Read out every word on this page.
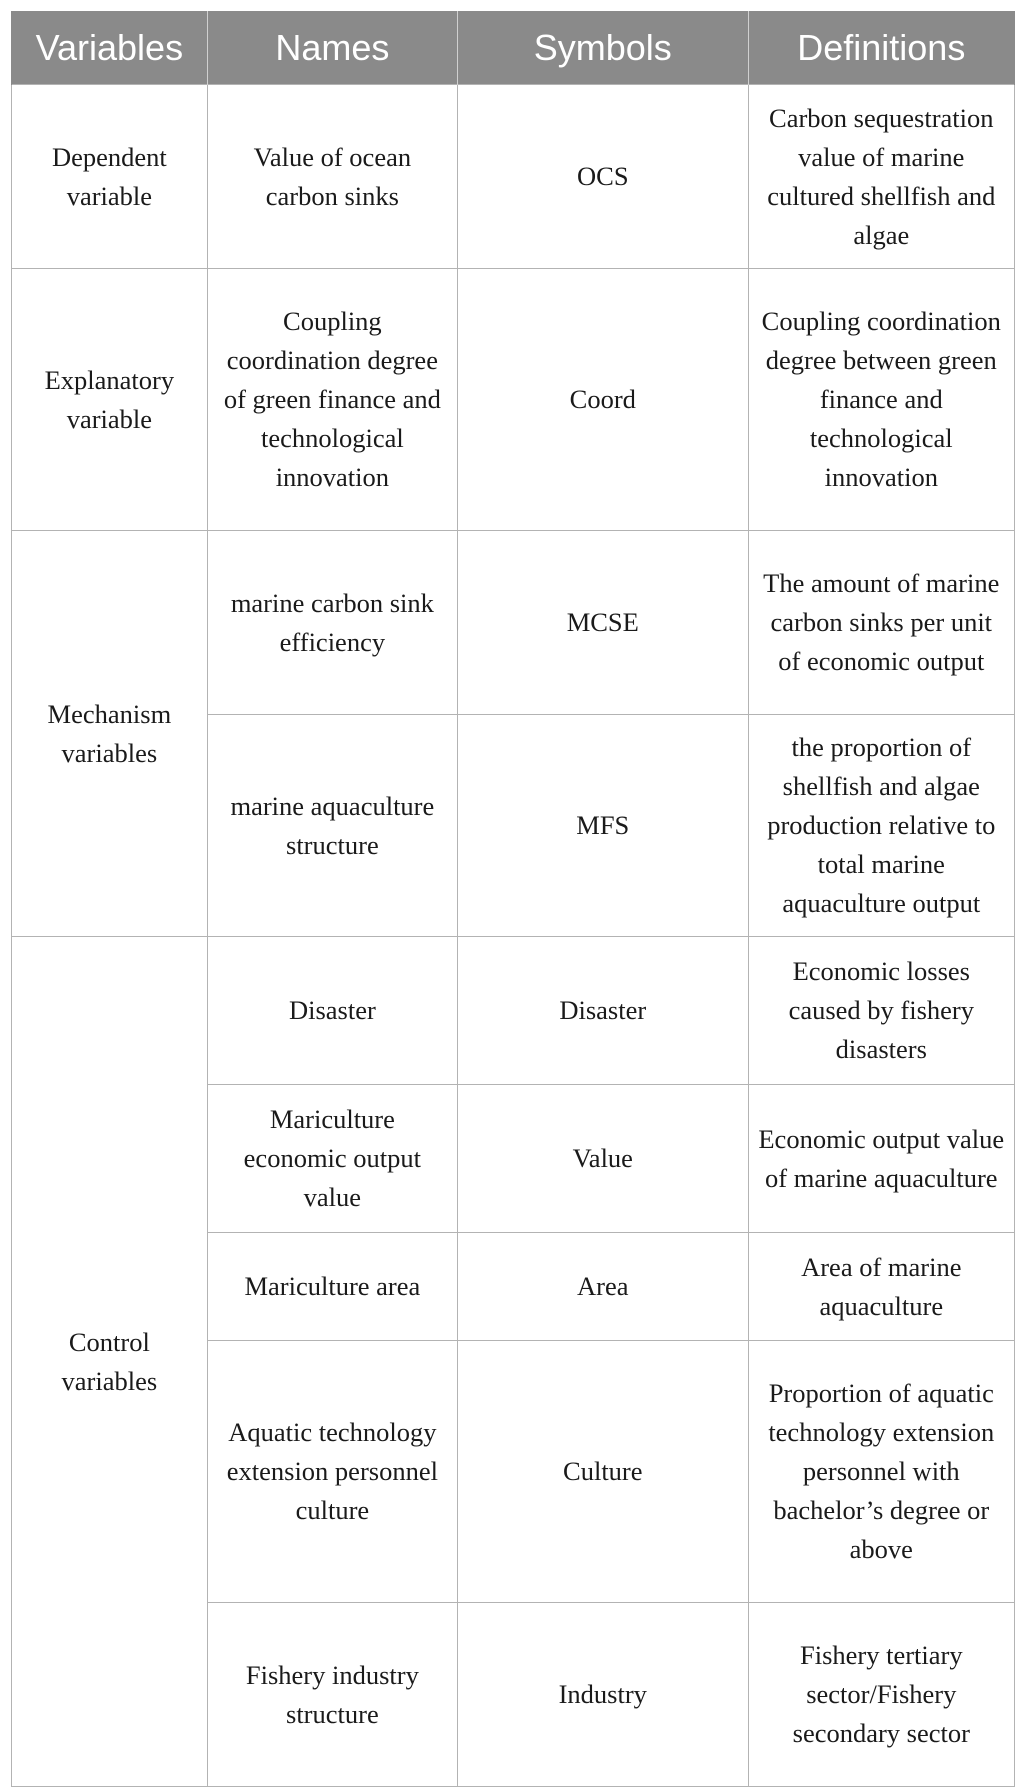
Variables	Names	Symbols	Definitions
Dependent variable	Value of ocean carbon sinks	OCS	Carbon sequestration value of marine cultured shellfish and algae
Explanatory variable	Coupling coordination degree of green finance and technological innovation	Coord	Coupling coordination degree between green finance and technological innovation
Mechanism variables	marine carbon sink efficiency	MCSE	The amount of marine carbon sinks per unit of economic output
	marine aquaculture structure	MFS	the proportion of shellfish and algae production relative to total marine aquaculture output
Control variables	Disaster	Disaster	Economic losses caused by fishery disasters
	Mariculture economic output value	Value	Economic output value of marine aquaculture
	Mariculture area	Area	Area of marine aquaculture
	Aquatic technology extension personnel culture	Culture	Proportion of aquatic technology extension personnel with bachelor’s degree or above
	Fishery industry structure	Industry	Fishery tertiary sector/Fishery secondary sector
